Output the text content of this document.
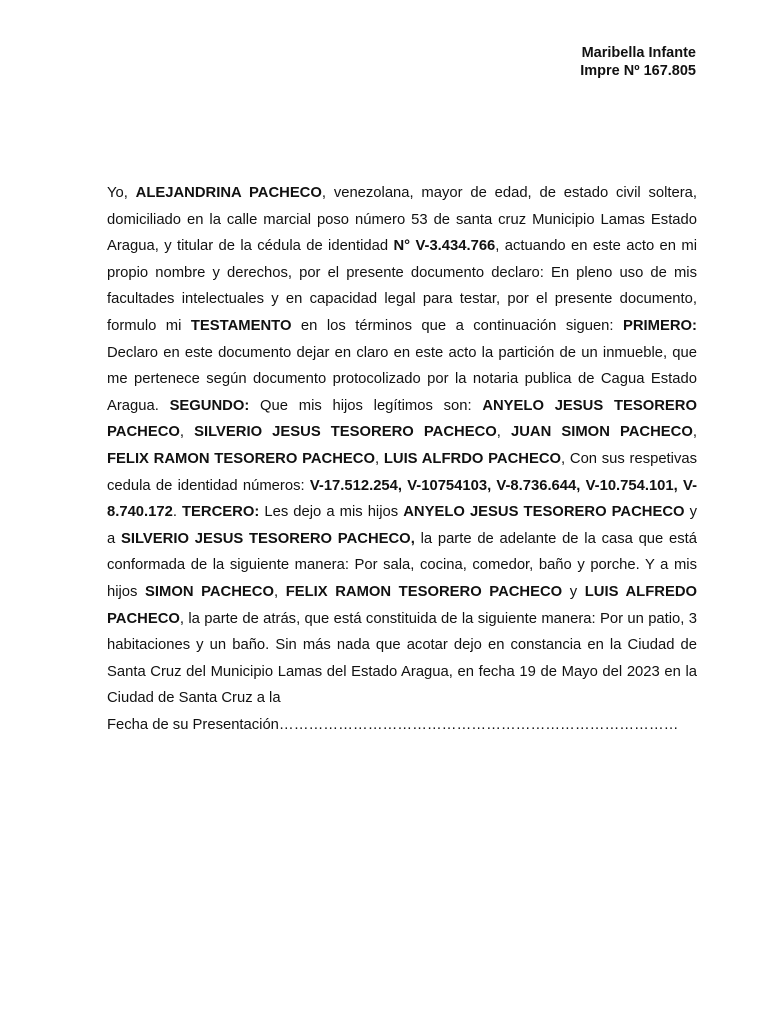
Maribella Infante
Impre Nº 167.805

Yo, ALEJANDRINA PACHECO, venezolana, mayor de edad, de estado civil soltera, domiciliado en la calle marcial poso número 53 de santa cruz Municipio Lamas Estado Aragua, y titular de la cédula de identidad N° V-3.434.766, actuando en este acto en mi propio nombre y derechos, por el presente documento declaro: En pleno uso de mis facultades intelectuales y en capacidad legal para testar, por el presente documento, formulo mi TESTAMENTO en los términos que a continuación siguen: PRIMERO: Declaro en este documento dejar en claro en este acto la partición de un inmueble, que me pertenece según documento protocolizado por la notaria publica de Cagua Estado Aragua. SEGUNDO: Que mis hijos legítimos son: ANYELO JESUS TESORERO PACHECO, SILVERIO JESUS TESORERO PACHECO, JUAN SIMON PACHECO, FELIX RAMON TESORERO PACHECO, LUIS ALFRDO PACHECO, Con sus respetivas cedula de identidad números: V-17.512.254, V-10754103, V-8.736.644, V-10.754.101, V-8.740.172. TERCERO: Les dejo a mis hijos ANYELO JESUS TESORERO PACHECO y a SILVERIO JESUS TESORERO PACHECO, la parte de adelante de la casa que está conformada de la siguiente manera: Por sala, cocina, comedor, baño y porche. Y a mis hijos SIMON PACHECO, FELIX RAMON TESORERO PACHECO y LUIS ALFREDO PACHECO, la parte de atrás, que está constituida de la siguiente manera: Por un patio, 3 habitaciones y un baño. Sin más nada que acotar dejo en constancia en la Ciudad de Santa Cruz del Municipio Lamas del Estado Aragua, en fecha 19 de Mayo del 2023 en la Ciudad de Santa Cruz a la
Fecha de su Presentación………………………………………………………………………
